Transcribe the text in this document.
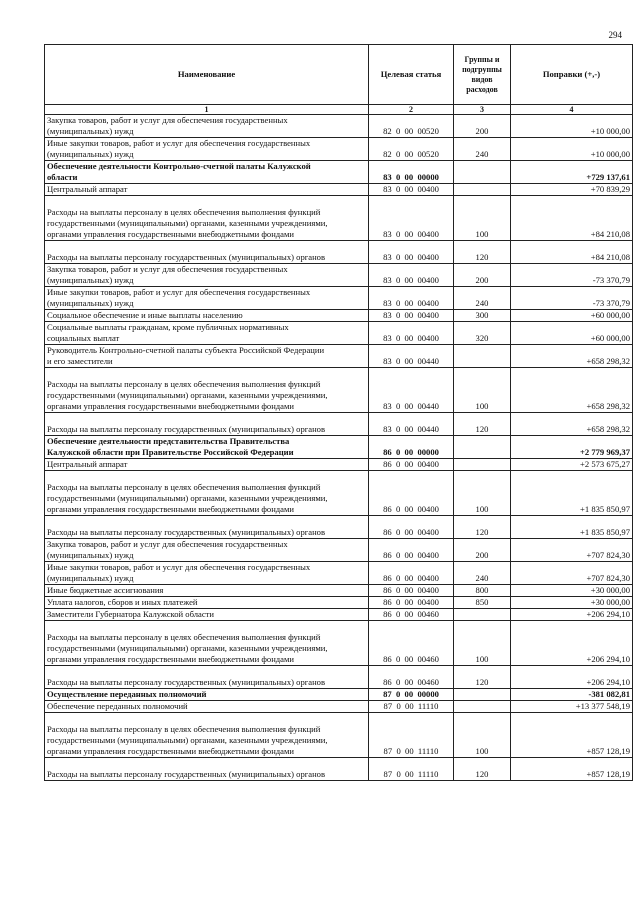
294
Наименование	Целевая статья	Группы и
подгруппы
видов
расходов	Поправки (+,-)
1	2	3	4

Закупка товаров, работ и услуг для обеспечения государственных
(муниципальных) нужд	82  0  00  00520	200	+10 000,00

Иные закупки товаров, работ и услуг для обеспечения государственных
(муниципальных) нужд	82  0  00  00520	240	+10 000,00

Обеспечение деятельности Контрольно-счетной палаты Калужской
области	83  0  00  00000		+729 137,61

Центральный аппарат	83  0  00  00400		+70 839,29

Расходы на выплаты персоналу в целях обеспечения выполнения функций
государственными (муниципальными) органами, казенными учреждениями,
органами управления государственными внебюджетными фондами	83  0  00  00400	100	+84 210,08

Расходы на выплаты персоналу государственных (муниципальных) органов	83  0  00  00400	120	+84 210,08

Закупка товаров, работ и услуг для обеспечения государственных
(муниципальных) нужд	83  0  00  00400	200	-73 370,79

Иные закупки товаров, работ и услуг для обеспечения государственных
(муниципальных) нужд	83  0  00  00400	240	-73 370,79

Социальное обеспечение и иные выплаты населению	83  0  00  00400	300	+60 000,00

Социальные выплаты гражданам, кроме публичных нормативных
социальных выплат	83  0  00  00400	320	+60 000,00

Руководитель Контрольно-счетной палаты субъекта Российской Федерации
и его заместители	83  0  00  00440		+658 298,32

Расходы на выплаты персоналу в целях обеспечения выполнения функций
государственными (муниципальными) органами, казенными учреждениями,
органами управления государственными внебюджетными фондами	83  0  00  00440	100	+658 298,32

Расходы на выплаты персоналу государственных (муниципальных) органов	83  0  00  00440	120	+658 298,32

Обеспечение деятельности представительства Правительства
Калужской области при Правительстве Российской Федерации	86  0  00  00000		+2 779 969,37

Центральный аппарат	86  0  00  00400		+2 573 675,27

Расходы на выплаты персоналу в целях обеспечения выполнения функций
государственными (муниципальными) органами, казенными учреждениями,
органами управления государственными внебюджетными фондами	86  0  00  00400	100	+1 835 850,97

Расходы на выплаты персоналу государственных (муниципальных) органов	86  0  00  00400	120	+1 835 850,97

Закупка товаров, работ и услуг для обеспечения государственных
(муниципальных) нужд	86  0  00  00400	200	+707 824,30

Иные закупки товаров, работ и услуг для обеспечения государственных
(муниципальных) нужд	86  0  00  00400	240	+707 824,30

Иные бюджетные ассигнования	86  0  00  00400	800	+30 000,00

Уплата налогов, сборов и иных платежей	86  0  00  00400	850	+30 000,00

Заместители Губернатора Калужской области	86  0  00  00460		+206 294,10

Расходы на выплаты персоналу в целях обеспечения выполнения функций
государственными (муниципальными) органами, казенными учреждениями,
органами управления государственными внебюджетными фондами	86  0  00  00460	100	+206 294,10

Расходы на выплаты персоналу государственных (муниципальных) органов	86  0  00  00460	120	+206 294,10

Осуществление переданных полномочий	87  0  00  00000		-381 082,81

Обеспечение переданных полномочий	87  0  00  11110		+13 377 548,19

Расходы на выплаты персоналу в целях обеспечения выполнения функций
государственными (муниципальными) органами, казенными учреждениями,
органами управления государственными внебюджетными фондами	87  0  00  11110	100	+857 128,19

Расходы на выплаты персоналу государственных (муниципальных) органов	87  0  00  11110	120	+857 128,19
